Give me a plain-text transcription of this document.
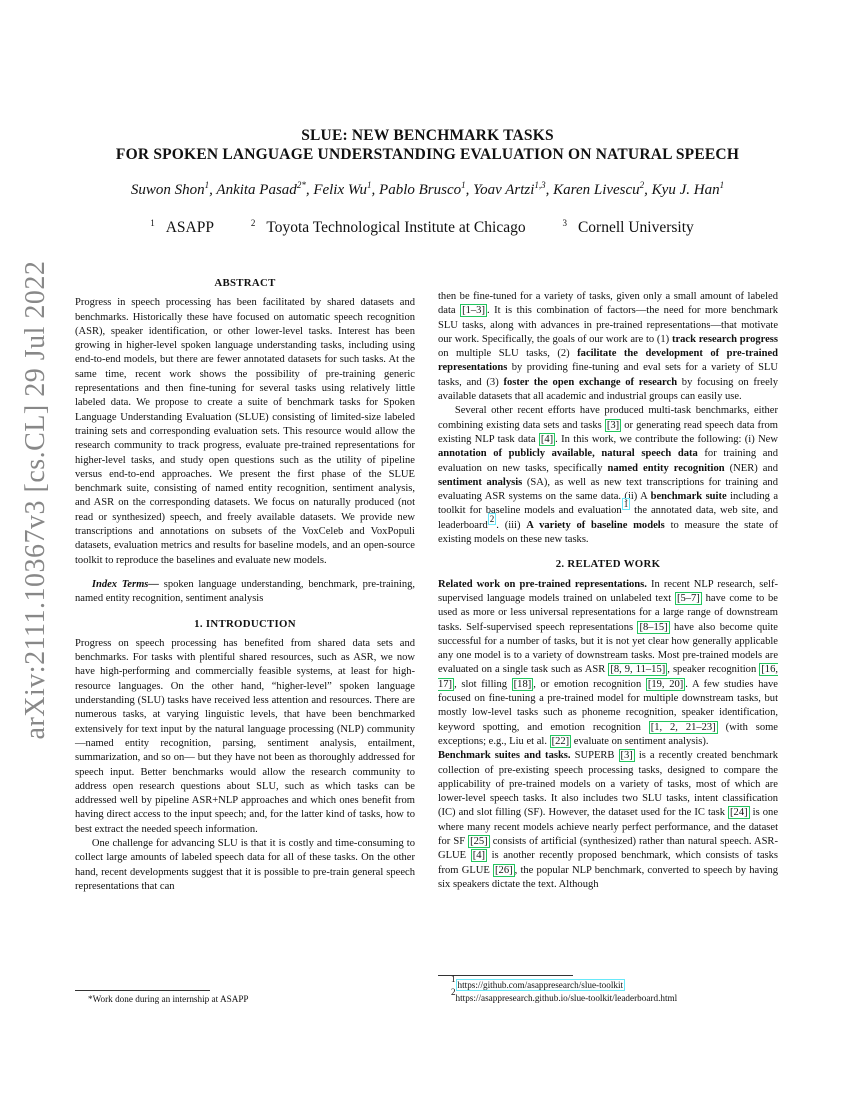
arXiv:2111.10367v3 [cs.CL] 29 Jul 2022
SLUE: NEW BENCHMARK TASKS
FOR SPOKEN LANGUAGE UNDERSTANDING EVALUATION ON NATURAL SPEECH
Suwon Shon$^1$, Ankita Pasad$^{2*}$, Felix Wu$^1$, Pablo Brusco$^1$, Yoav Artzi$^{1,3}$, Karen Livescu$^2$, Kyu J. Han$^1$
$^1$ ASAPP	$^2$ Toyota Technological Institute at Chicago	$^3$ Cornell University
ABSTRACT

Progress in speech processing has been facilitated by shared datasets and benchmarks. Historically these have focused on automatic speech recognition (ASR), speaker identification, or other lower-level tasks. Interest has been growing in higher-level spoken language understanding tasks, including using end-to-end models, but there are fewer annotated datasets for such tasks. At the same time, recent work shows the possibility of pre-training generic representations and then fine-tuning for several tasks using relatively little labeled data. We propose to create a suite of benchmark tasks for Spoken Language Understanding Evaluation (SLUE) consisting of limited-size labeled training sets and corresponding evaluation sets. This resource would allow the research community to track progress, evaluate pre-trained representations for higher-level tasks, and study open questions such as the utility of pipeline versus end-to-end approaches. We present the first phase of the SLUE benchmark suite, consisting of named entity recognition, sentiment analysis, and ASR on the corresponding datasets. We focus on naturally produced (not read or synthesized) speech, and freely available datasets. We provide new transcriptions and annotations on subsets of the VoxCeleb and VoxPopuli datasets, evaluation metrics and results for baseline models, and an open-source toolkit to reproduce the baselines and evaluate new models.

Index Terms— spoken language understanding, benchmark, pre-training, named entity recognition, sentiment analysis

1. INTRODUCTION

Progress on speech processing has benefited from shared data sets and benchmarks. For tasks with plentiful shared resources, such as ASR, we now have high-performing and commercially feasible systems, at least for high-resource languages. On the other hand, “higher-level” spoken language understanding (SLU) tasks have received less attention and resources. There are numerous tasks, at varying linguistic levels, that have been benchmarked extensively for text input by the natural language processing (NLP) community—named entity recognition, parsing, sentiment analysis, entailment, summarization, and so on— but they have not been as thoroughly addressed for speech input. Better benchmarks would allow the research community to address open research questions about SLU, such as which tasks can be addressed well by pipeline ASR+NLP approaches and which ones benefit from having direct access to the input speech; and, for the latter kind of tasks, how to best extract the needed speech information.

One challenge for advancing SLU is that it is costly and time-consuming to collect large amounts of labeled speech data for all of these tasks. On the other hand, recent developments suggest that it is possible to pre-train general speech representations that can

*Work done during an internship at ASAPP

then be fine-tuned for a variety of tasks, given only a small amount of labeled data [1–3] . It is this combination of factors—the need for more benchmark SLU tasks, along with advances in pre-trained representations—that motivate our work. Specifically, the goals of our work are to (1) track research progress on multiple SLU tasks, (2) facilitate the development of pre-trained representations by providing fine-tuning and eval sets for a variety of SLU tasks, and (3) foster the open exchange of research by focusing on freely available datasets that all academic and industrial groups can easily use.

Several other recent efforts have produced multi-task benchmarks, either combining existing data sets and tasks [3] or generating read speech data from existing NLP task data [4] . In this work, we contribute the following: (i) New annotation of publicly available, natural speech data for training and evaluation on new tasks, specifically named entity recognition (NER) and sentiment analysis (SA), as well as new text transcriptions for training and evaluating ASR systems on the same data. (ii) A benchmark suite including a toolkit for baseline models and evaluation$^1$ the annotated data, web site, and leaderboard$^2$. (iii) A variety of baseline models to measure the state of existing models on these new tasks.

2. RELATED WORK

Related work on pre-trained representations. In recent NLP research, self-supervised language models trained on unlabeled text [5–7] have come to be used as more or less universal representations for a large range of downstream tasks. Self-supervised speech representations [8–15] have also become quite successful for a number of tasks, but it is not yet clear how generally applicable any one model is to a variety of downstream tasks. Most pre-trained models are evaluated on a single task such as ASR [8, 9, 11–15] , speaker recognition [16, 17] , slot filling [18] , or emotion recognition [19, 20] . A few studies have focused on fine-tuning a pre-trained model for multiple downstream tasks, but mostly low-level tasks such as phoneme recognition, speaker identification, keyword spotting, and emotion recognition [1, 2, 21–23] (with some exceptions; e.g., Liu et al. [22] evaluate on sentiment analysis).

Benchmark suites and tasks. SUPERB [3] is a recently created benchmark collection of pre-existing speech processing tasks, designed to compare the applicability of pre-trained models on a variety of tasks, most of which are lower-level speech tasks. It also includes two SLU tasks, intent classification (IC) and slot filling (SF). However, the dataset used for the IC task [24] is one where many recent models achieve nearly perfect performance, and the dataset for SF [25] consists of artificial (synthesized) rather than natural speech. ASR-GLUE [4] is another recently proposed benchmark, which consists of tasks from GLUE [26] , the popular NLP benchmark, converted to speech by having six speakers dictate the text. Although

$^1$https://github.com/asappresearch/slue-toolkit
$^2$https://asappresearch.github.io/slue-toolkit/leaderboard.html
